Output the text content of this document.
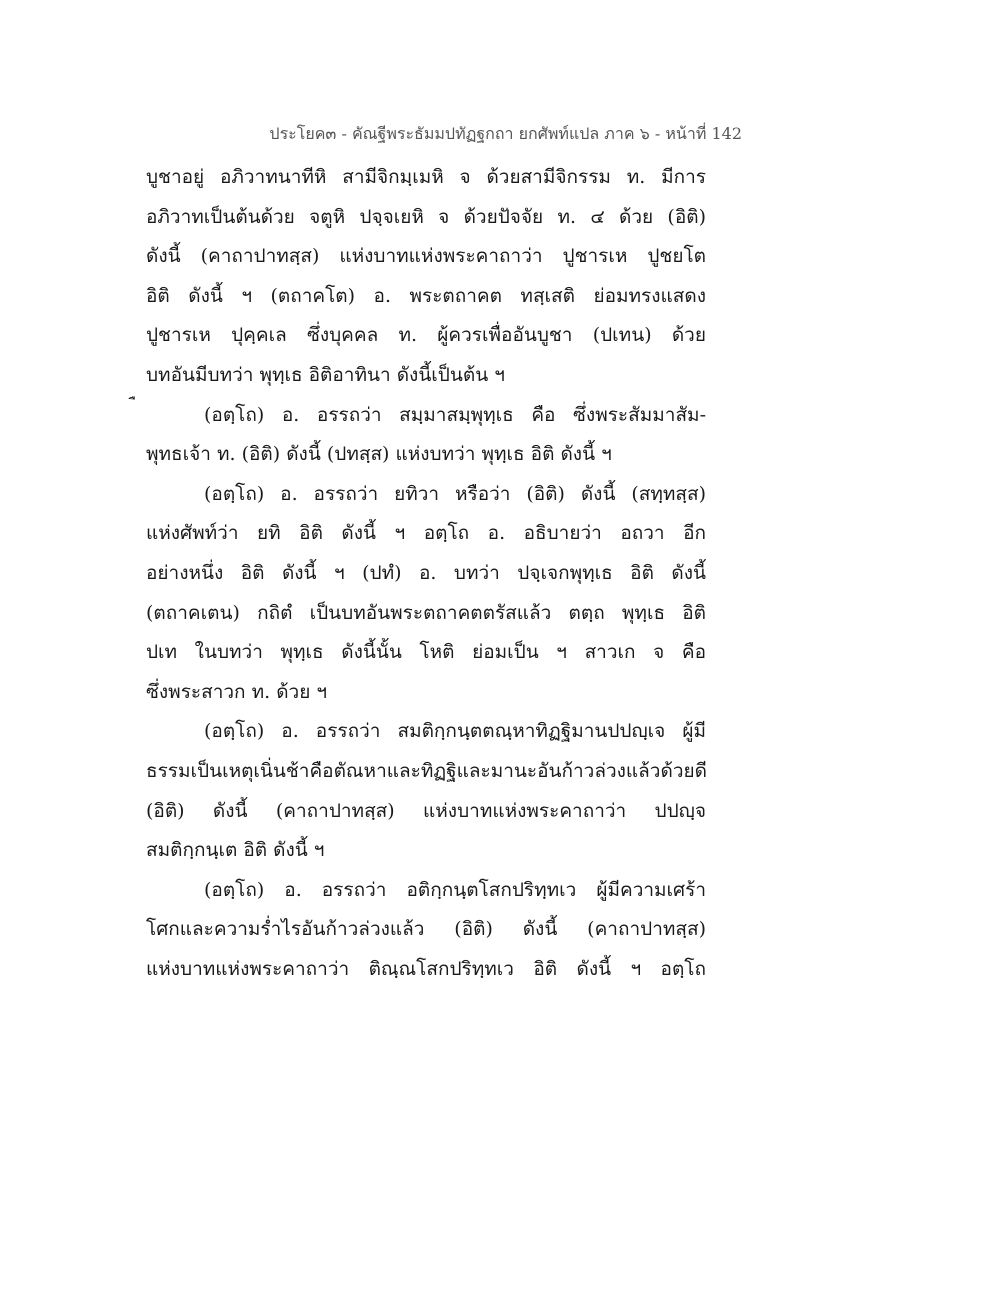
ประโยค๓ - คัณฐีพระธัมมปทัฏฐกถา ยกศัพท์แปล ภาค ๖ - หน้าที่ 142
บูชาอยู่ อภิวาทนาทีหิ สามีจิกมฺเมหิ จ ด้วยสามีจิกรรม ท. มีการ
อภิวาทเป็นต้นด้วย จตูหิ ปจฺจเยหิ จ ด้วยปัจจัย ท. ๔ ด้วย (อิติ)
ดังนี้ (คาถาปาทสฺส) แห่งบาทแห่งพระคาถาว่า ปูชารเห ปูชยโต
อิติ ดังนี้ ฯ (ตถาคโต) อ. พระตถาคต ทสฺเสติ ย่อมทรงแสดง
ปูชารเห ปุคฺคเล ซึ่งบุคคล ท. ผู้ควรเพื่ออันบูชา (ปเทน) ด้วย
บทอันมีบทว่า พุทฺเธ อิติอาทินา ดังนี้เป็นต้น ฯ
(อตฺโถ) อ. อรรถว่า สมฺมาสมฺพุทฺเธ คือ ซึ่งพระสัมมาสัม-
พุทธเจ้า ท. (อิติ) ดังนี้ (ปทสฺส) แห่งบทว่า พุทฺเธ อิติ ดังนี้ ฯ
(อตฺโถ) อ. อรรถว่า ยทิวา หรือว่า (อิติ) ดังนี้ (สทฺทสฺส)
แห่งศัพท์ว่า ยทิ อิติ ดังนี้ ฯ อตฺโถ อ. อธิบายว่า อถวา อีก
อย่างหนึ่ง อิติ ดังนี้ ฯ (ปทํ) อ. บทว่า ปจฺเจกพุทฺเธ อิติ ดังนี้
(ตถาคเตน) กถิตํ เป็นบทอันพระตถาคตตรัสแล้ว ตตฺถ พุทฺเธ อิติ
ปเท ในบทว่า พุทฺเธ ดังนี้นั้น โหติ ย่อมเป็น ฯ สาวเก จ คือ
ซึ่งพระสาวก ท. ด้วย ฯ
(อตฺโถ) อ. อรรถว่า สมติกฺกนฺตตณฺหาทิฏฐิมานปปญฺเจ ผู้มี
ธรรมเป็นเหตุเนิ่นช้าคือตัณหาและทิฏฐิและมานะอันก้าวล่วงแล้วด้วยดี
(อิติ) ดังนี้ (คาถาปาทสฺส) แห่งบาทแห่งพระคาถาว่า ปปญฺจ
สมติกฺกนฺเต อิติ ดังนี้ ฯ
(อตฺโถ) อ. อรรถว่า อติกฺกนฺตโสกปริทฺทเว ผู้มีความเศร้า
โศกและความร่ำไรอันก้าวล่วงแล้ว (อิติ) ดังนี้ (คาถาปาทสฺส)
แห่งบาทแห่งพระคาถาว่า ติณฺณโสกปริทฺทเว อิติ ดังนี้ ฯ อตฺโถ
